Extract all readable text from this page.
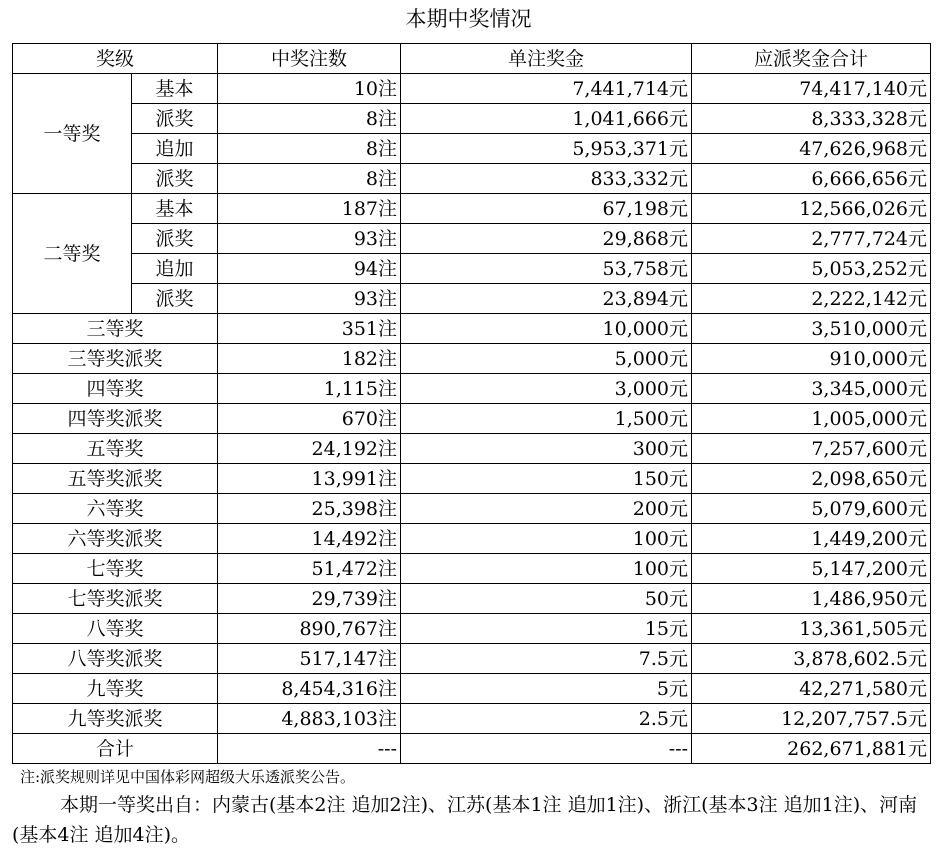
本期中奖情况
奖级		中奖注数	单注奖金	应派奖金合计
一等奖	基本	10注	7,441,714元	74,417,140元
	派奖	8注	1,041,666元	8,333,328元
	追加	8注	5,953,371元	47,626,968元
	派奖	8注	833,332元	6,666,656元
二等奖	基本	187注	67,198元	12,566,026元
	派奖	93注	29,868元	2,777,724元
	追加	94注	53,758元	5,053,252元
	派奖	93注	23,894元	2,222,142元
三等奖		351注	10,000元	3,510,000元
三等奖派奖		182注	5,000元	910,000元
四等奖		1,115注	3,000元	3,345,000元
四等奖派奖		670注	1,500元	1,005,000元
五等奖		24,192注	300元	7,257,600元
五等奖派奖		13,991注	150元	2,098,650元
六等奖		25,398注	200元	5,079,600元
六等奖派奖		14,492注	100元	1,449,200元
七等奖		51,472注	100元	5,147,200元
七等奖派奖		29,739注	50元	1,486,950元
八等奖		890,767注	15元	13,361,505元
八等奖派奖		517,147注	7.5元	3,878,602.5元
九等奖		8,454,316注	5元	42,271,580元
九等奖派奖		4,883,103注	2.5元	12,207,757.5元
合计		---	---	262,671,881元
注:派奖规则详见中国体彩网超级大乐透派奖公告。
本期一等奖出自：内蒙古(基本2注 追加2注)、江苏(基本1注 追加1注)、浙江(基本3注 追加1注)、河南(基本4注 追加4注)。
